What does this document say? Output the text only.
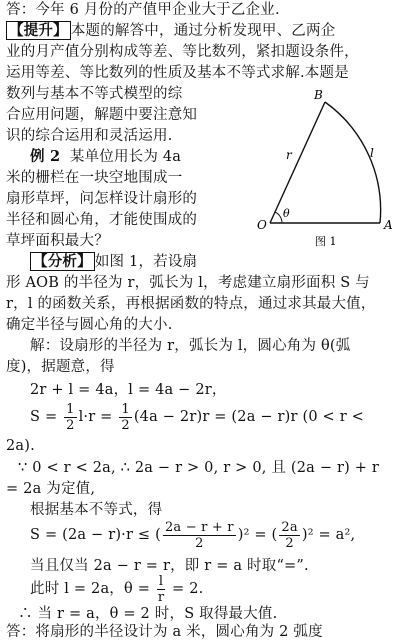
答：今年 6 月份的产值甲企业大于乙企业.
【提升】 本题的解答中，通过分析发现甲、乙两企
业的月产值分别构成等差、等比数列，紧扣题设条件，
运用等差、等比数列的性质及基本不等式求解.本题是
数列与基本不等式模型的综
合应用问题，解题中要注意知
识的综合运用和灵活运用.
例 2 某单位用长为 4a
米的栅栏在一块空地围成一
扇形草坪，问怎样设计扇形的
半径和圆心角，才能使围成的
草坪面积最大？
【分析】 如图 1，若设扇
形 AOB 的半径为 r，弧长为 l，考虑建立扇形面积 S 与
r，l 的函数关系，再根据函数的特点，通过求其最大值，
确定半径与圆心角的大小.
解：设扇形的半径为 r，弧长为 l，圆心角为 θ(弧
度)，据题意，得
2r + l = 4a，l = 4a − 2r，
$S = \frac{1}{2} l\cdot r = \frac{1}{2} (4a - 2r)r = (2a - r)r$ (0 < r <
2a).
∵ 0 < r < 2a, ∴ 2a − r > 0, r > 0, 且 (2a − r) + r
= 2a 为定值,
根据基本不等式，得
S = (2a − r)·r ≤ ( $\frac{2a - r + r}{2} )^2$ = ( $\frac{2a}{2} )^2 = a^2$,
当且仅当 2a − r = r，即 r = a 时取“=”.
此时 l = 2a，$\theta = \frac{l}{r} = 2$.
∴ 当 r = a，θ = 2 时，S 取得最大值.
答：将扇形的半径设计为 a 米，圆心角为 2 弧度
B
O	A
r	l
θ
图 1
